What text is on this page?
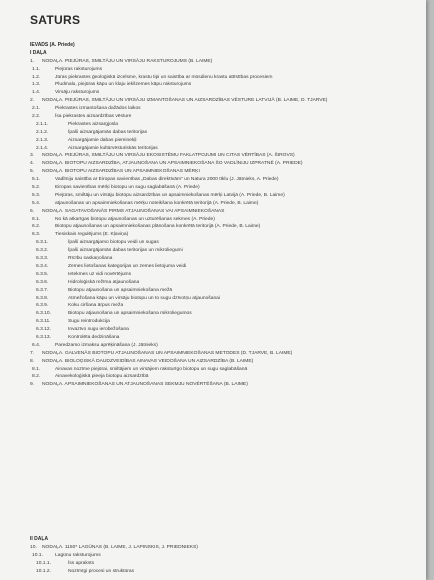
SATURS
IEVADS (A. Priede)
I DAĻA
1. NODAĻA. PIEJŪRAS, SMILTĀJU UN VIRSĀJU RAKSTUROJUMS (B. LAIME)
1.1.	Piejūras raksturojums
1.2.	Jūras piekrastes ģeoloģiskā izcelsme, krastu tipi un saistība ar mūsdienu krastu attīstības procesiem
1.3.	Pludmalu, piejūras kāpu un klaju iekšzemes kāpu raksturojums
1.4.	Virsāju raksturojums
2. NODAĻA. PIEJŪRAS, SMILTĀJU UN VIRSĀJU IZMANTOŠANAS UN AIZSARDZĪBAS VĒSTURE LATVIJĀ (B. LAIME, D. TJARVE)
2.1.	Piekrastes izmantošana dažādos laikos
2.2.	Īsa piekrastes aizsardzības vēsture
2.1.1.	Piekrastes aizsargjosla
2.1.2.	Īpaši aizsargājamās dabas teritorijas
2.1.3.	Aizsargājamie dabas pieminekļi
2.1.4.	Aizsargājamie kultūrvēsturiskās teritorijas
3. NODAĻA. PIEJŪRAS, SMILTĀJU UN VIRSĀJU EKOSISTĒMU FAKLATPOJUMI UN CITAS VĒRTĪBAS (A. ŠIROVS)
4. NODAĻA. BIOTOPU AIZSARDZĪBA, ATJAUNOŠANA UN APSAIMNIEKOŠANA ŠO VADLĪNIJU IZPRATNĒ (A. PRIEDE)
5. NODAĻA. BIOTOPU AIZSARDZĪBAS UN APSAIMNIEKOŠANAS MĒRĶI
5.1.	Vadlīniju saistība ar Eiropas savienības „Dabas direktīvām" un Natura 2000 tīklu (J. Jātnieks, A. Priede)
5.2.	Eiropas savienības mērķi biotopu un sugu saglabāšanā (A. Priede)
5.3.	Piejūras, smiltāju un virsāju biotopu aizsardzības un apsaimniekošanas mērķi Latvijā (A. Priede, B. Laime)
5.4.	atjaunošanas un apsaimniekošanas mērķu noteikšana konkrētā teritorijā (A. Priede, B. Laime)
6. NODAĻA. SAGATAVOŠANĀS PIRMS ATJAUNOŠANAS VAI APSAIMNIEKOŠANAS
6.1.	No kā atkarīgas biotopu atjaunošanas un uzturēšanas sekmes (A. Priede)
6.2.	Biotopu atjaunošanas un apsaimniekošanas plānošana konkrētā teritorijā (A. Priede, B. Laime)
6.3.	Tiesiskais regulējums (E. Kļaviņa)
6.3.1.	Īpaši aizsargājamo biotopu veidi un sugas
6.3.2.	Īpaši aizsargājamās dabas teritorijas un mikroliegumi
6.3.3.	Rīcību saskaņošana
6.3.4.	Zemes lietošanas kategorijas un zemes lietojuma veidi
6.3.5.	Ietekmes uz vidi novērtējums
6.3.6.	Hidroloģiskā režīma atjaunošana
6.3.7.	Biotopu atjaunošana un apsaimniekošana mežā
6.3.8.	Atmežošana kāpu un virsāju biotopu un to sugu dzīvotņu atjaunošanai
6.3.9.	Koku ciršana ārpus meža
6.3.10.	Biotopu atjaunošana un apsaimniekošana mikroliegumos
6.3.11.	Sugu reintrodukcija
6.3.12.	Invazīvo sugu ierobežošana
6.3.13.	Kontrolēta dedzināšana
6.4.	Paredzamo izmaksu aprēķināšana (J. Jātnieks)
7. NODAĻA. GALVENĀS BIOTOPU ATJAUNOŠANAS UN APSAIMNIEKOŠANAS METODES (D. TJARVE, B. LAIME)
8. NODAĻA. BIOLOĢISKĀ DAUDZVEIDĪBAS AINAVAS VEIDOŠANA UN AIZSARDZĪBA (B. LAIME)
8.1.	Ainavas nozīme piejūrai, smiltājiem un virsājiem raksturīgo biotopu un sugu saglabāšanā
8.2.	Ainavekoloģiskā pieeja biotopu aizsardzībā
9. NODAĻA. APSAIMNIEKOŠANAS UN ATJAUNOŠANAS SEKMJU NOVĒRTĒŠANA (B. LAIME)
II DAĻA
10. NODAĻA. 1150* LAGŪNAS (B. LAIME, J. LAPINSKIS, J. PRIEDNIEKS)
10.1. Lagūnu raksturojums
10.1.1.	Īss apraksts
10.1.2.	Nozīmīgi procesi un struktūras
